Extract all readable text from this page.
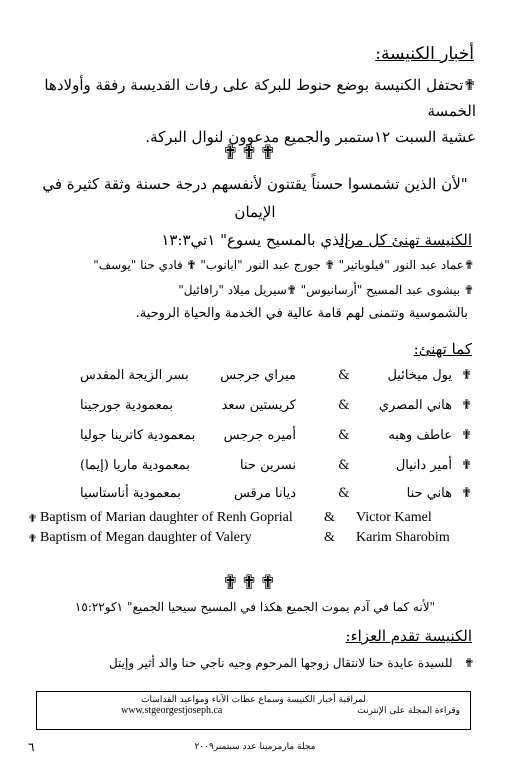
أخبار الكنيسة:
✟تحتفل الكنيسة بوضع حنوط للبركة على رفات القديسة رفقة وأولادها الخمسة
عشية السبت ١٢ستمبر والجميع مدعوون لنوال البركة.
✟✟✟
"لأن الذين تشمسوا حسناً يقتنون لأنفسهم درجة حسنة وثقة كثيرة في الإيمان
الذي بالمسيح يسوع" ١تي١٣:٣
الكنيسة تهنئ كل من:
✟عماد عبد النور "فيلوباتير" ✟ جورج عبد النور "ابانوب" ✟ فادي حنا "يوسف"
✟ بيشوى عبد المسيح "أرسانيوس" ✟سيريل ميلاد "رافائيل"
بالشموسية وتتمنى لهم قامة عالية في الخدمة والحياة الروحية.
كما تهنئ:
✟
يول ميخائيل
&
ميراي جرجس
بسر الزيجة المقدس
✟
هاني المصري
&
كريستين سعد
بمعمودية جورجينا
✟
عاطف وهبه
&
أميره جرجس
بمعمودية كاترينا جوليا
✟
أمير دانيال
&
نسرين حنا
بمعمودية ماريا (إيما)
✟
هاني حنا
&
ديانا مرقس
بمعمودية أناستاسيا
✟ Baptism of Marian daughter of Renh Goprial & Victor Kamel
✟ Baptism of Megan daughter of Valery	& Karim Sharobim
✟✟✟
"لأنه كما في آدم يموت الجميع هكذا في المسيح سيحيا الجميع" ١كو١٥:٢٢
الكنيسة تقدم العزاء:
✟   للسيدة عايدة حنا لانتقال زوجها المرحوم وجيه ناجي حنا والد أثير وإيتل
لمراقبة أخبار الكنيسة وسماع عظات الآباء ومواعيد القداسات
وقراءة المجلة على الإنترنت
www.stgeorgestjoseph.ca
٦	مجلة مارمرمينا عدد سبتمبر٢٠٠٩
